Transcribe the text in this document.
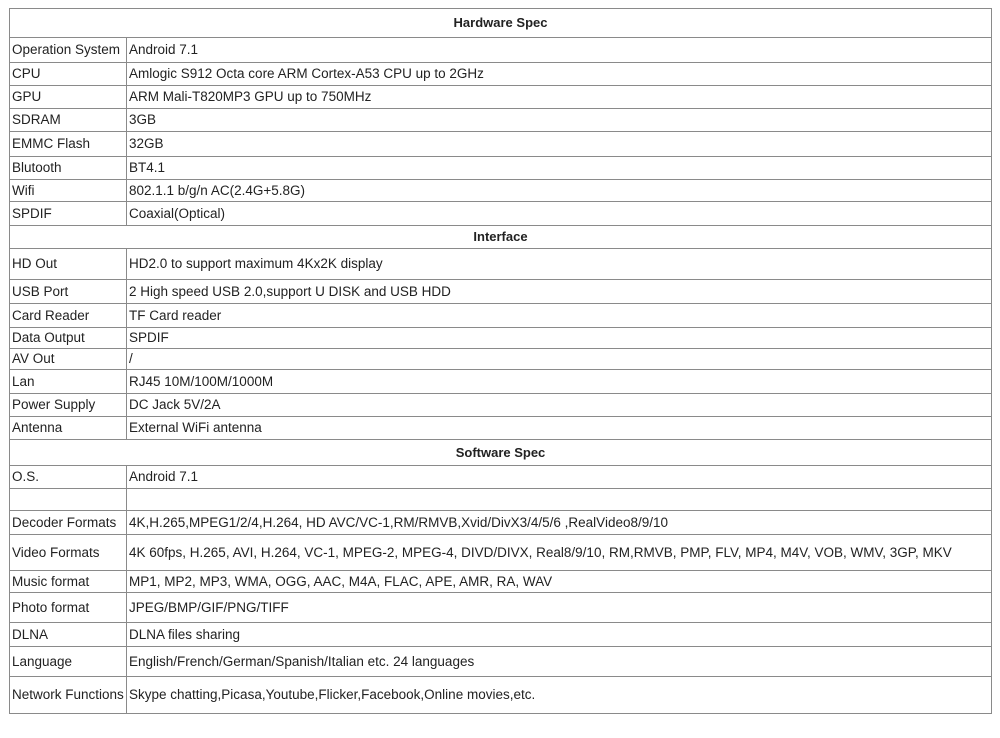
Hardware Spec	
Operation System	Android 7.1
CPU	Amlogic S912 Octa core ARM Cortex-A53 CPU up to 2GHz
GPU	ARM Mali-T820MP3 GPU up to 750MHz
SDRAM	3GB
EMMC Flash	32GB
Blutooth	BT4.1
Wifi	802.1.1 b/g/n AC(2.4G+5.8G)
SPDIF	Coaxial(Optical)
Interface	
HD Out	HD2.0 to support maximum 4Kx2K display
USB Port	2 High speed USB 2.0,support U DISK and USB HDD
Card Reader	TF Card reader
Data Output	SPDIF
AV Out	/
Lan	RJ45 10M/100M/1000M
Power Supply	DC Jack 5V/2A
Antenna	External WiFi antenna
Software Spec	
O.S.	Android 7.1

Decoder Formats	4K,H.265,MPEG1/2/4,H.264, HD AVC/VC-1,RM/RMVB,Xvid/DivX3/4/5/6 ,RealVideo8/9/10
Video Formats	4K 60fps, H.265, AVI, H.264, VC-1, MPEG-2, MPEG-4, DIVD/DIVX, Real8/9/10, RM,RMVB, PMP, FLV, MP4, M4V, VOB, WMV, 3GP, MKV
Music format	MP1, MP2, MP3, WMA, OGG, AAC, M4A, FLAC, APE, AMR, RA, WAV
Photo format	JPEG/BMP/GIF/PNG/TIFF
DLNA	DLNA files sharing
Language	English/French/German/Spanish/Italian etc. 24 languages
Network Functions	Skype chatting,Picasa,Youtube,Flicker,Facebook,Online movies,etc.
